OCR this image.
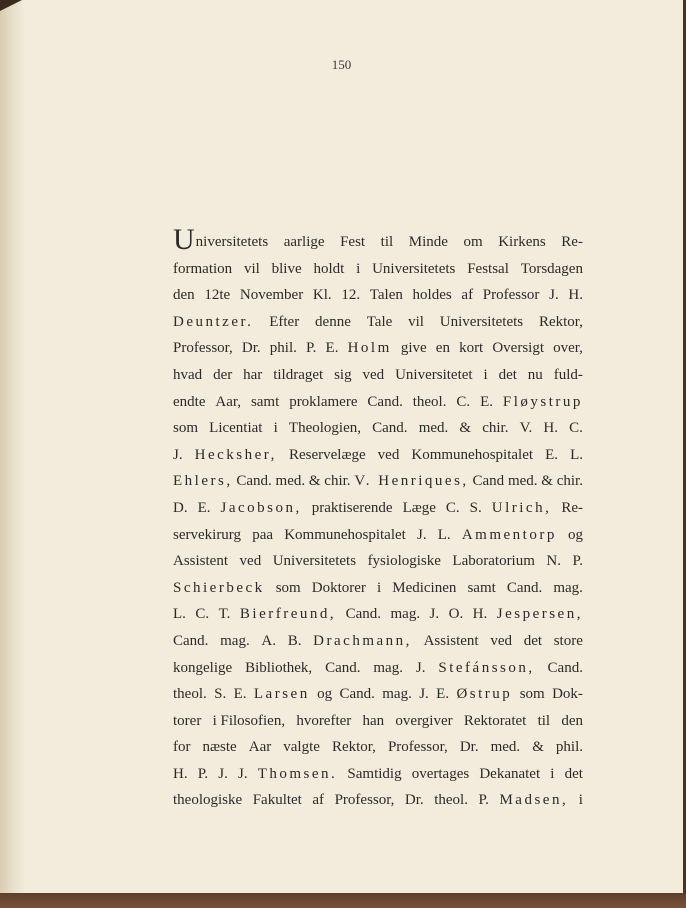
150
Universitetets aarlige Fest til Minde om Kirkens Re-
formation vil blive holdt i Universitetets Festsal Torsdagen
den 12te November Kl. 12. Talen holdes af Professor J. H.
Deuntzer. Efter denne Tale vil Universitetets Rektor,
Professor, Dr. phil. P. E. Holm give en kort Oversigt over,
hvad der har tildraget sig ved Universitetet i det nu fuld-
endte Aar, samt proklamere Cand. theol. C. E. Fløystrup
som Licentiat i Theologien, Cand. med. & chir. V. H. C.
J. Hecksher, Reservelæge ved Kommunehospitalet E. L.
Ehlers, Cand. med. & chir. V. Henriques, Cand med. & chir.
D. E. Jacobson, praktiserende Læge C. S. Ulrich, Re-
servekirurg paa Kommunehospitalet J. L. Ammentorp og
Assistent ved Universitetets fysiologiske Laboratorium N. P.
Schierbeck som Doktorer i Medicinen samt Cand. mag.
L. C. T. Bierfreund, Cand. mag. J. O. H. Jespersen,
Cand. mag. A. B. Drachmann, Assistent ved det store
kongelige Bibliothek, Cand. mag. J. Stefánsson, Cand.
theol. S. E. Larsen og Cand. mag. J. E. Østrup som Dok-
torer i Filosofien, hvorefter han overgiver Rektoratet til den
for næste Aar valgte Rektor, Professor, Dr. med. & phil.
H. P. J. J. Thomsen. Samtidig overtages Dekanatet i det
theologiske Fakultet af Professor, Dr. theol. P. Madsen, i
